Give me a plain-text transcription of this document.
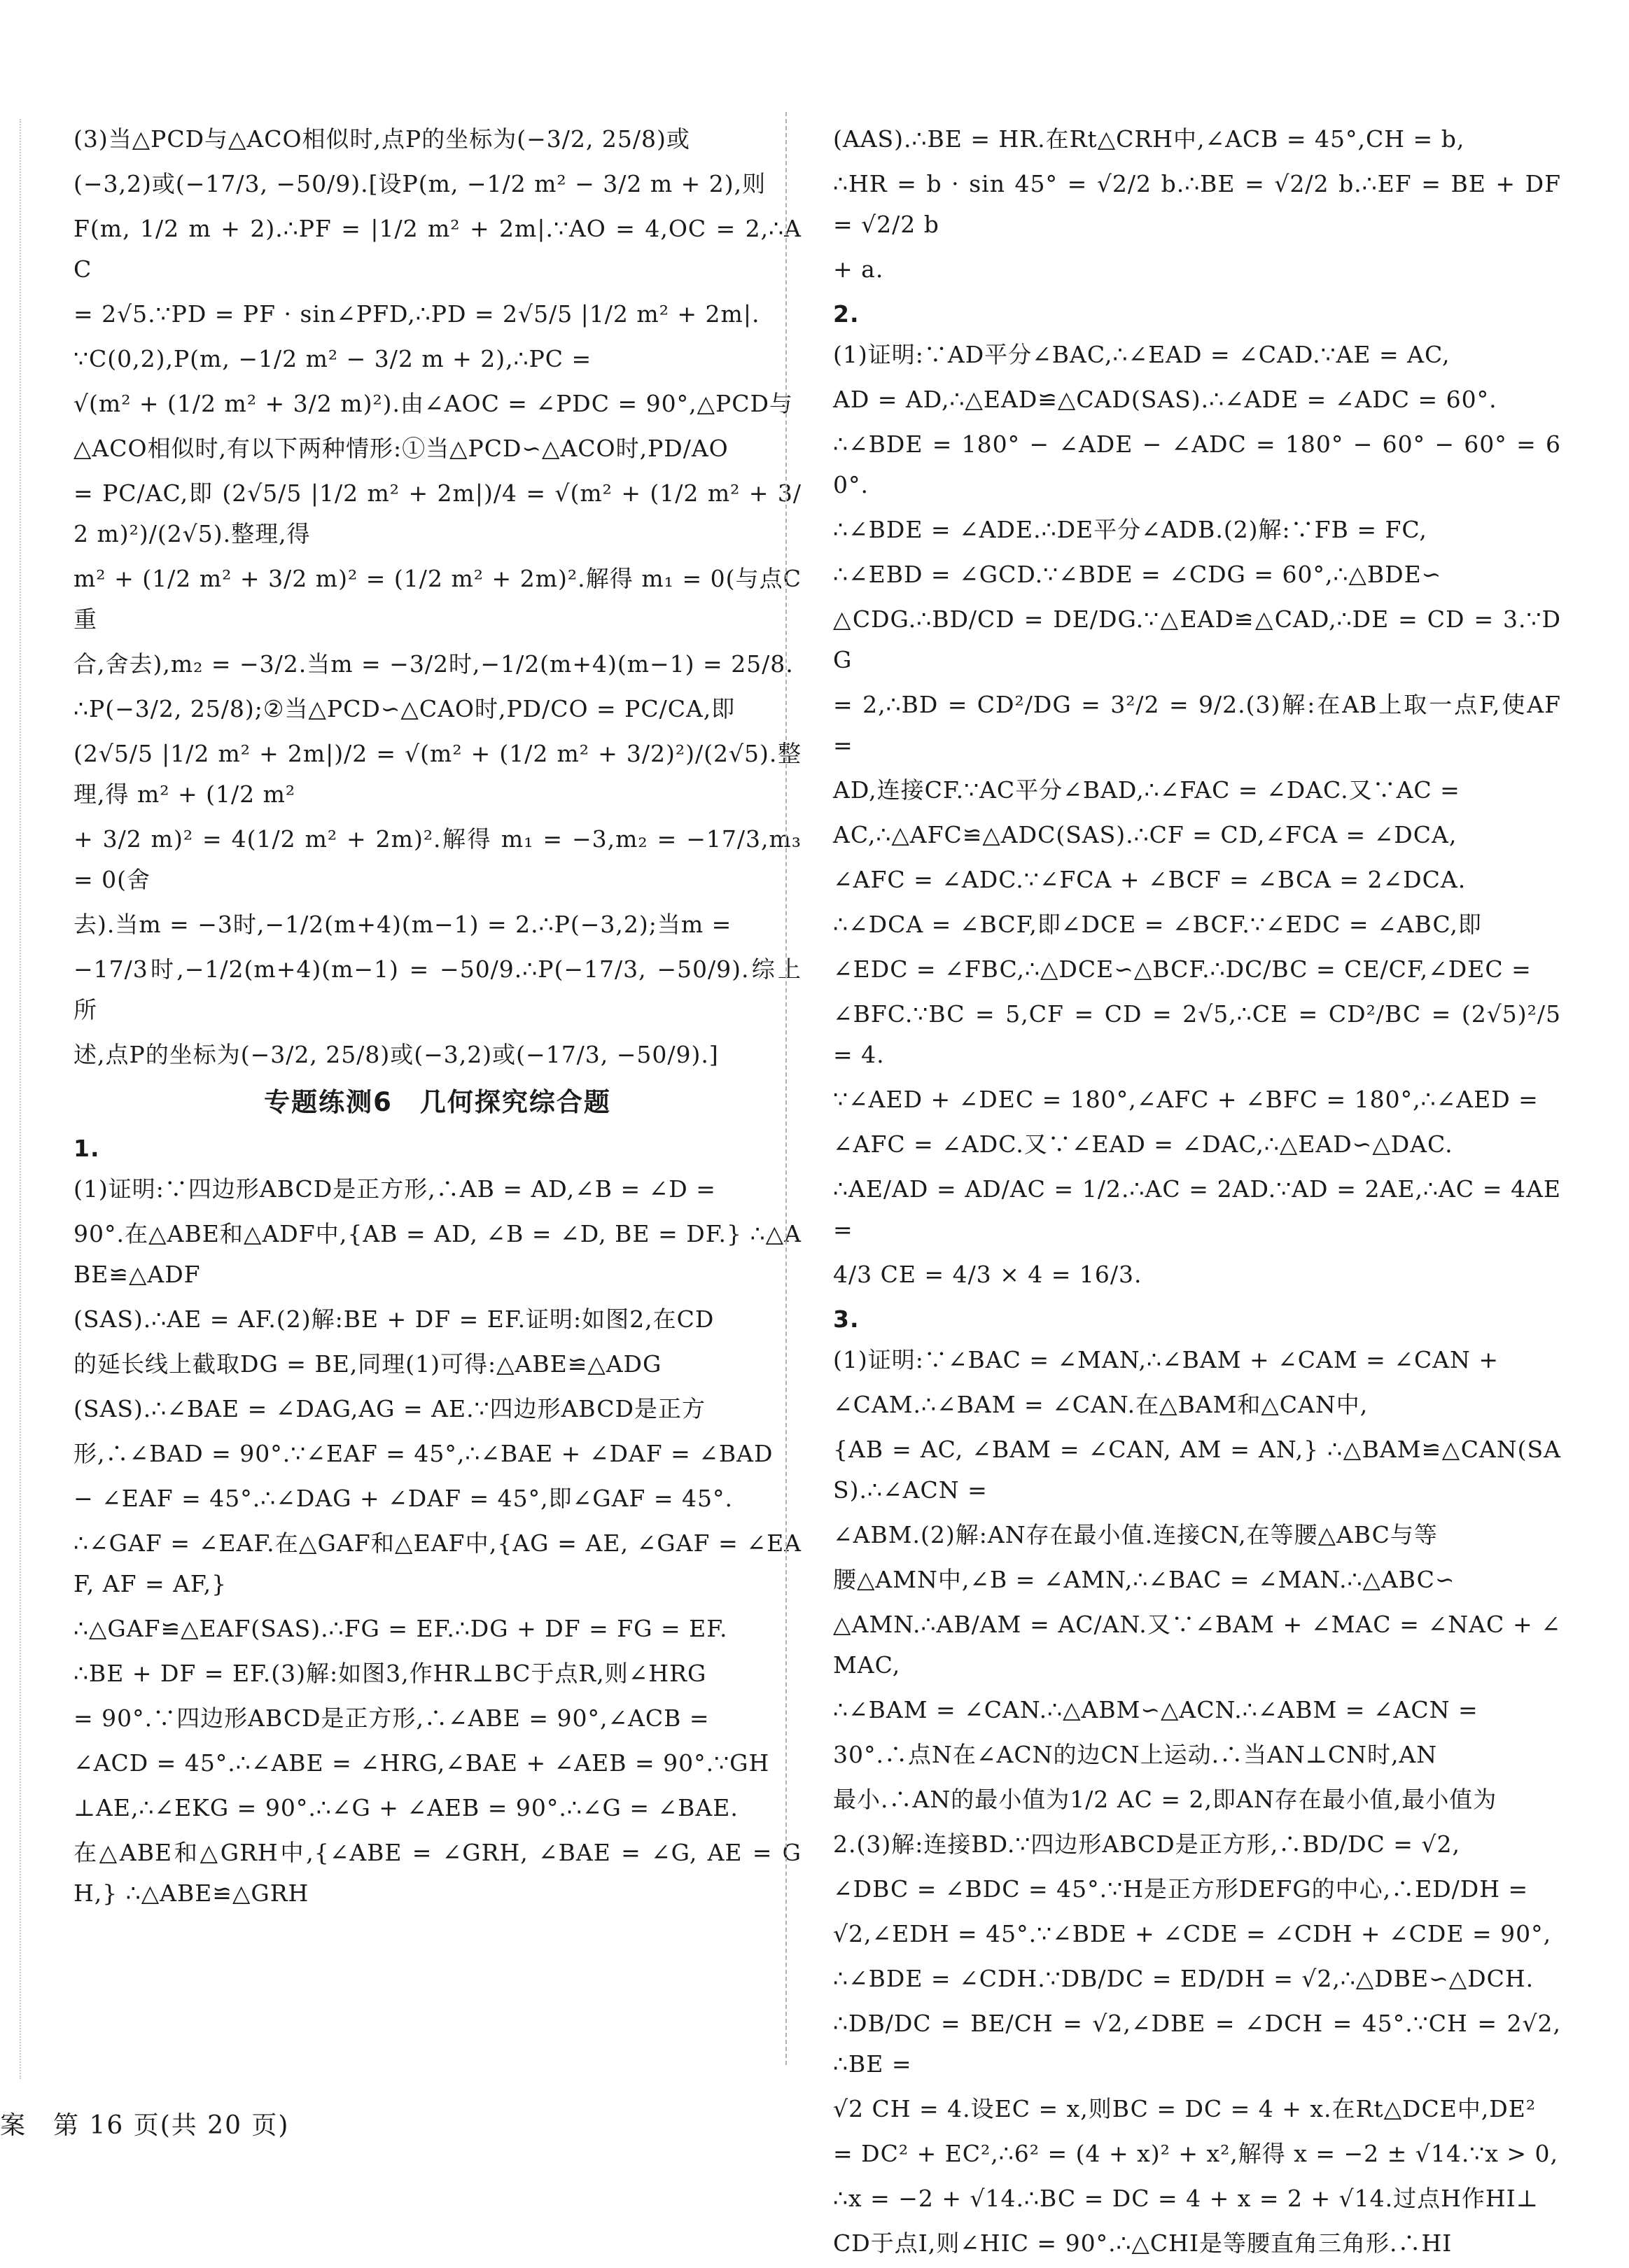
(3)当△PCD与△ACO相似时,点P的坐标为(−3/2, 25/8)或
(−3,2)或(−17/3, −50/9).[设P(m, −1/2 m² − 3/2 m + 2),则
F(m, 1/2 m + 2).∴PF = |1/2 m² + 2m|.∵AO = 4,OC = 2,∴AC
= 2√5.∵PD = PF · sin∠PFD,∴PD = 2√5/5 |1/2 m² + 2m|.
∵C(0,2),P(m, −1/2 m² − 3/2 m + 2),∴PC =
√(m² + (1/2 m² + 3/2 m)²).由∠AOC = ∠PDC = 90°,△PCD与
△ACO相似时,有以下两种情形:①当△PCD∽△ACO时,PD/AO
= PC/AC,即 (2√5/5 |1/2 m² + 2m|)/4 = √(m² + (1/2 m² + 3/2 m)²)/(2√5).整理,得
m² + (1/2 m² + 3/2 m)² = (1/2 m² + 2m)².解得 m₁ = 0(与点C重
合,舍去),m₂ = −3/2.当m = −3/2时,−1/2(m+4)(m−1) = 25/8.
∴P(−3/2, 25/8);②当△PCD∽△CAO时,PD/CO = PC/CA,即
(2√5/5 |1/2 m² + 2m|)/2 = √(m² + (1/2 m² + 3/2)²)/(2√5).整理,得 m² + (1/2 m²
+ 3/2 m)² = 4(1/2 m² + 2m)².解得 m₁ = −3,m₂ = −17/3,m₃ = 0(舍
去).当m = −3时,−1/2(m+4)(m−1) = 2.∴P(−3,2);当m =
−17/3时,−1/2(m+4)(m−1) = −50/9.∴P(−17/3, −50/9).综上所
述,点P的坐标为(−3/2, 25/8)或(−3,2)或(−17/3, −50/9).]
专题练测6　几何探究综合题
1.
(1)证明:∵四边形ABCD是正方形,∴AB = AD,∠B = ∠D =
90°.在△ABE和△ADF中,{AB = AD, ∠B = ∠D, BE = DF.} ∴△ABE≌△ADF
(SAS).∴AE = AF.(2)解:BE + DF = EF.证明:如图2,在CD
的延长线上截取DG = BE,同理(1)可得:△ABE≌△ADG
(SAS).∴∠BAE = ∠DAG,AG = AE.∵四边形ABCD是正方
形,∴∠BAD = 90°.∵∠EAF = 45°,∴∠BAE + ∠DAF = ∠BAD
− ∠EAF = 45°.∴∠DAG + ∠DAF = 45°,即∠GAF = 45°.
∴∠GAF = ∠EAF.在△GAF和△EAF中,{AG = AE, ∠GAF = ∠EAF, AF = AF,}
∴△GAF≌△EAF(SAS).∴FG = EF.∴DG + DF = FG = EF.
∴BE + DF = EF.(3)解:如图3,作HR⊥BC于点R,则∠HRG
= 90°.∵四边形ABCD是正方形,∴∠ABE = 90°,∠ACB =
∠ACD = 45°.∴∠ABE = ∠HRG,∠BAE + ∠AEB = 90°.∵GH
⊥AE,∴∠EKG = 90°.∴∠G + ∠AEB = 90°.∴∠G = ∠BAE.
在△ABE和△GRH中,{∠ABE = ∠GRH, ∠BAE = ∠G, AE = GH,} ∴△ABE≌△GRH
(AAS).∴BE = HR.在Rt△CRH中,∠ACB = 45°,CH = b,
∴HR = b · sin 45° = √2/2 b.∴BE = √2/2 b.∴EF = BE + DF = √2/2 b
+ a.
2.
(1)证明:∵AD平分∠BAC,∴∠EAD = ∠CAD.∵AE = AC,
AD = AD,∴△EAD≌△CAD(SAS).∴∠ADE = ∠ADC = 60°.
∴∠BDE = 180° − ∠ADE − ∠ADC = 180° − 60° − 60° = 60°.
∴∠BDE = ∠ADE.∴DE平分∠ADB.(2)解:∵FB = FC,
∴∠EBD = ∠GCD.∵∠BDE = ∠CDG = 60°,∴△BDE∽
△CDG.∴BD/CD = DE/DG.∵△EAD≌△CAD,∴DE = CD = 3.∵DG
= 2,∴BD = CD²/DG = 3²/2 = 9/2.(3)解:在AB上取一点F,使AF =
AD,连接CF.∵AC平分∠BAD,∴∠FAC = ∠DAC.又∵AC =
AC,∴△AFC≌△ADC(SAS).∴CF = CD,∠FCA = ∠DCA,
∠AFC = ∠ADC.∵∠FCA + ∠BCF = ∠BCA = 2∠DCA.
∴∠DCA = ∠BCF,即∠DCE = ∠BCF.∵∠EDC = ∠ABC,即
∠EDC = ∠FBC,∴△DCE∽△BCF.∴DC/BC = CE/CF,∠DEC =
∠BFC.∵BC = 5,CF = CD = 2√5,∴CE = CD²/BC = (2√5)²/5 = 4.
∵∠AED + ∠DEC = 180°,∠AFC + ∠BFC = 180°,∴∠AED =
∠AFC = ∠ADC.又∵∠EAD = ∠DAC,∴△EAD∽△DAC.
∴AE/AD = AD/AC = 1/2.∴AC = 2AD.∵AD = 2AE,∴AC = 4AE =
4/3 CE = 4/3 × 4 = 16/3.
3.
(1)证明:∵∠BAC = ∠MAN,∴∠BAM + ∠CAM = ∠CAN +
∠CAM.∴∠BAM = ∠CAN.在△BAM和△CAN中,
{AB = AC, ∠BAM = ∠CAN, AM = AN,} ∴△BAM≌△CAN(SAS).∴∠ACN =
∠ABM.(2)解:AN存在最小值.连接CN,在等腰△ABC与等
腰△AMN中,∠B = ∠AMN,∴∠BAC = ∠MAN.∴△ABC∽
△AMN.∴AB/AM = AC/AN.又∵∠BAM + ∠MAC = ∠NAC + ∠MAC,
∴∠BAM = ∠CAN.∴△ABM∽△ACN.∴∠ABM = ∠ACN =
30°.∴点N在∠ACN的边CN上运动.∴当AN⊥CN时,AN
最小.∴AN的最小值为1/2 AC = 2,即AN存在最小值,最小值为
2.(3)解:连接BD.∵四边形ABCD是正方形,∴BD/DC = √2,
∠DBC = ∠BDC = 45°.∵H是正方形DEFG的中心,∴ED/DH =
√2,∠EDH = 45°.∵∠BDE + ∠CDE = ∠CDH + ∠CDE = 90°,
∴∠BDE = ∠CDH.∵DB/DC = ED/DH = √2,∴△DBE∽△DCH.
∴DB/DC = BE/CH = √2,∠DBE = ∠DCH = 45°.∵CH = 2√2,∴BE =
√2 CH = 4.设EC = x,则BC = DC = 4 + x.在Rt△DCE中,DE²
= DC² + EC²,∴6² = (4 + x)² + x²,解得 x = −2 ± √14.∵x > 0,
∴x = −2 + √14.∴BC = DC = 4 + x = 2 + √14.过点H作HI⊥
CD于点I,则∠HIC = 90°.∴△CHI是等腰直角三角形.∴HI
案　第 16 页(共 20 页)
